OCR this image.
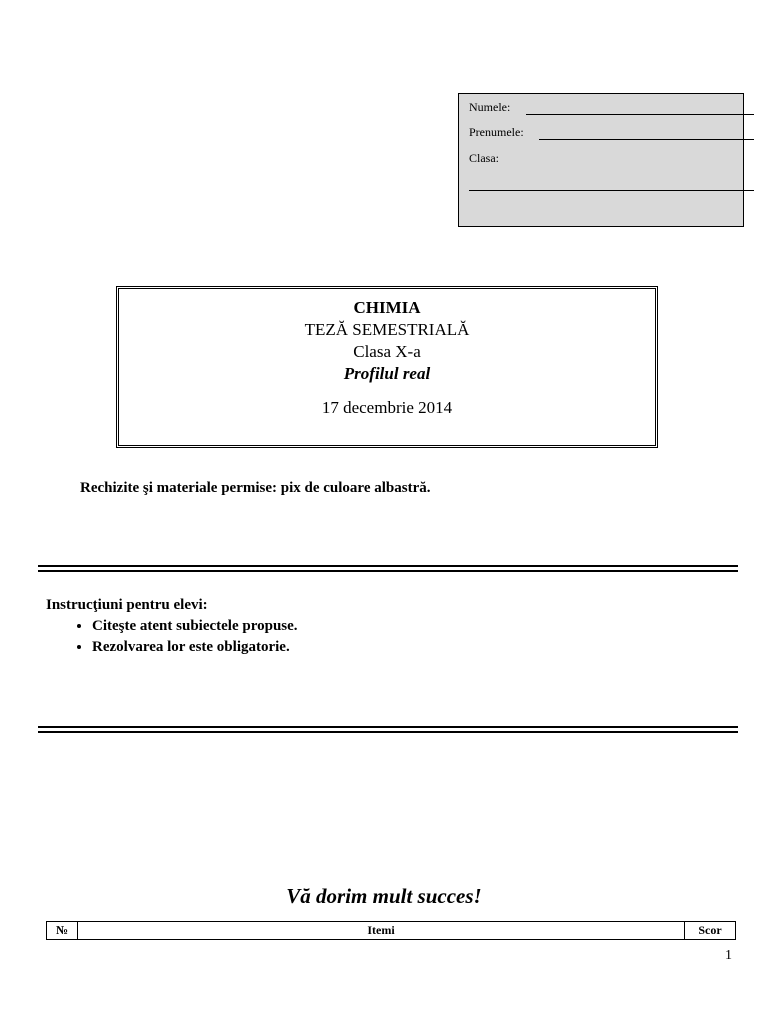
Numele:
Prenumele:
Clasa:
CHIMIA
TEZĂ SEMESTRIALĂ
Clasa X-a
Profilul real
17 decembrie 2014
Rechizite şi materiale permise: pix de culoare albastră.
Instrucţiuni pentru elevi:
• Citeşte atent subiectele propuse.
• Rezolvarea lor este obligatorie.
Vă dorim mult succes!
№	Itemi	Scor
1
